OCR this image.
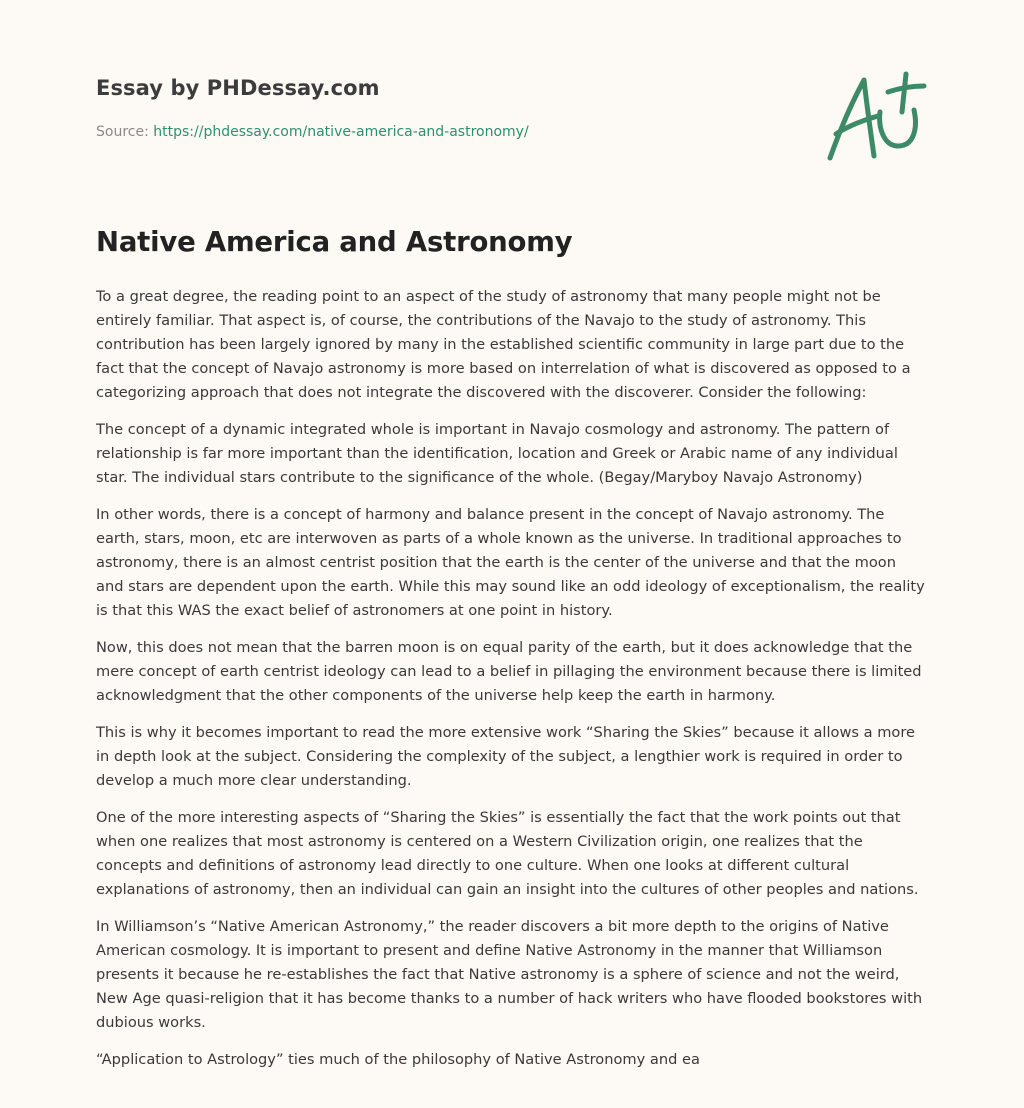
Essay by PHDessay.com
Source: https://phdessay.com/native-america-and-astronomy/
Native America and Astronomy

To a great degree, the reading point to an aspect of the study of astronomy that many people might not be entirely familiar. That aspect is, of course, the contributions of the Navajo to the study of astronomy. This contribution has been largely ignored by many in the established scientific community in large part due to the fact that the concept of Navajo astronomy is more based on interrelation of what is discovered as opposed to a categorizing approach that does not integrate the discovered with the discoverer. Consider the following:

The concept of a dynamic integrated whole is important in Navajo cosmology and astronomy. The pattern of relationship is far more important than the identification, location and Greek or Arabic name of any individual star. The individual stars contribute to the significance of the whole. (Begay/Maryboy Navajo Astronomy)

In other words, there is a concept of harmony and balance present in the concept of Navajo astronomy. The earth, stars, moon, etc are interwoven as parts of a whole known as the universe. In traditional approaches to astronomy, there is an almost centrist position that the earth is the center of the universe and that the moon and stars are dependent upon the earth. While this may sound like an odd ideology of exceptionalism, the reality is that this WAS the exact belief of astronomers at one point in history.

Now, this does not mean that the barren moon is on equal parity of the earth, but it does acknowledge that the mere concept of earth centrist ideology can lead to a belief in pillaging the environment because there is limited acknowledgment that the other components of the universe help keep the earth in harmony.

This is why it becomes important to read the more extensive work “Sharing the Skies” because it allows a more in depth look at the subject. Considering the complexity of the subject, a lengthier work is required in order to develop a much more clear understanding.

One of the more interesting aspects of “Sharing the Skies” is essentially the fact that the work points out that when one realizes that most astronomy is centered on a Western Civilization origin, one realizes that the concepts and definitions of astronomy lead directly to one culture. When one looks at different cultural explanations of astronomy, then an individual can gain an insight into the cultures of other peoples and nations.

In Williamson’s “Native American Astronomy,” the reader discovers a bit more depth to the origins of Native American cosmology. It is important to present and define Native Astronomy in the manner that Williamson presents it because he re-establishes the fact that Native astronomy is a sphere of science and not the weird, New Age quasi-religion that it has become thanks to a number of hack writers who have flooded bookstores with dubious works.

“Application to Astrology” ties much of the philosophy of Native Astronomy and ea
